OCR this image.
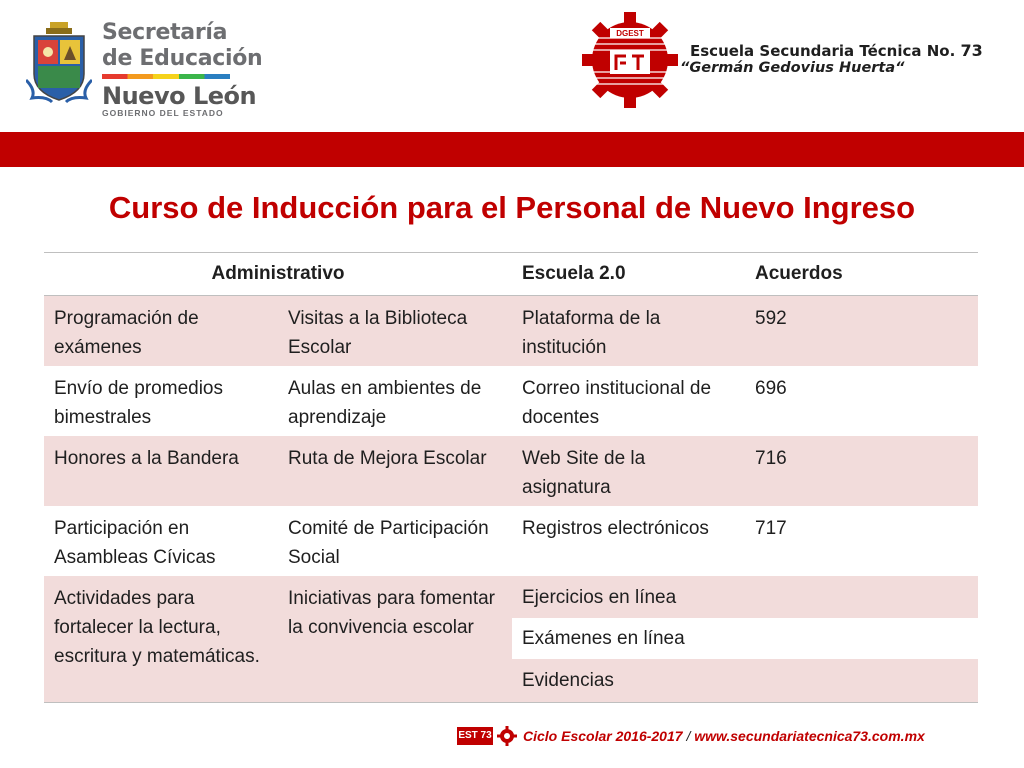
Secretaría
de Educación
Nuevo León
GOBIERNO DEL ESTADO
DGEST
Escuela Secundaria Técnica No. 73
“Germán Gedovius Huerta“
Curso de Inducción para el Personal de Nuevo Ingreso
Administrativo		Escuela 2.0	Acuerdos
Programación de exámenes	Visitas a la Biblioteca Escolar	Plataforma de la institución	592
Envío de promedios bimestrales	Aulas en ambientes de aprendizaje	Correo institucional de docentes	696
Honores a la Bandera	Ruta de Mejora Escolar	Web Site de la asignatura	716
Participación en Asambleas Cívicas	Comité de Participación Social	Registros electrónicos	717
Actividades para fortalecer la lectura, escritura y matemáticas.	Iniciativas para fomentar la convivencia escolar	Ejercicios en línea	
		Exámenes en línea	
		Evidencias	
EST 73 Ciclo Escolar 2016-2017 / www.secundariatecnica73.com.mx
